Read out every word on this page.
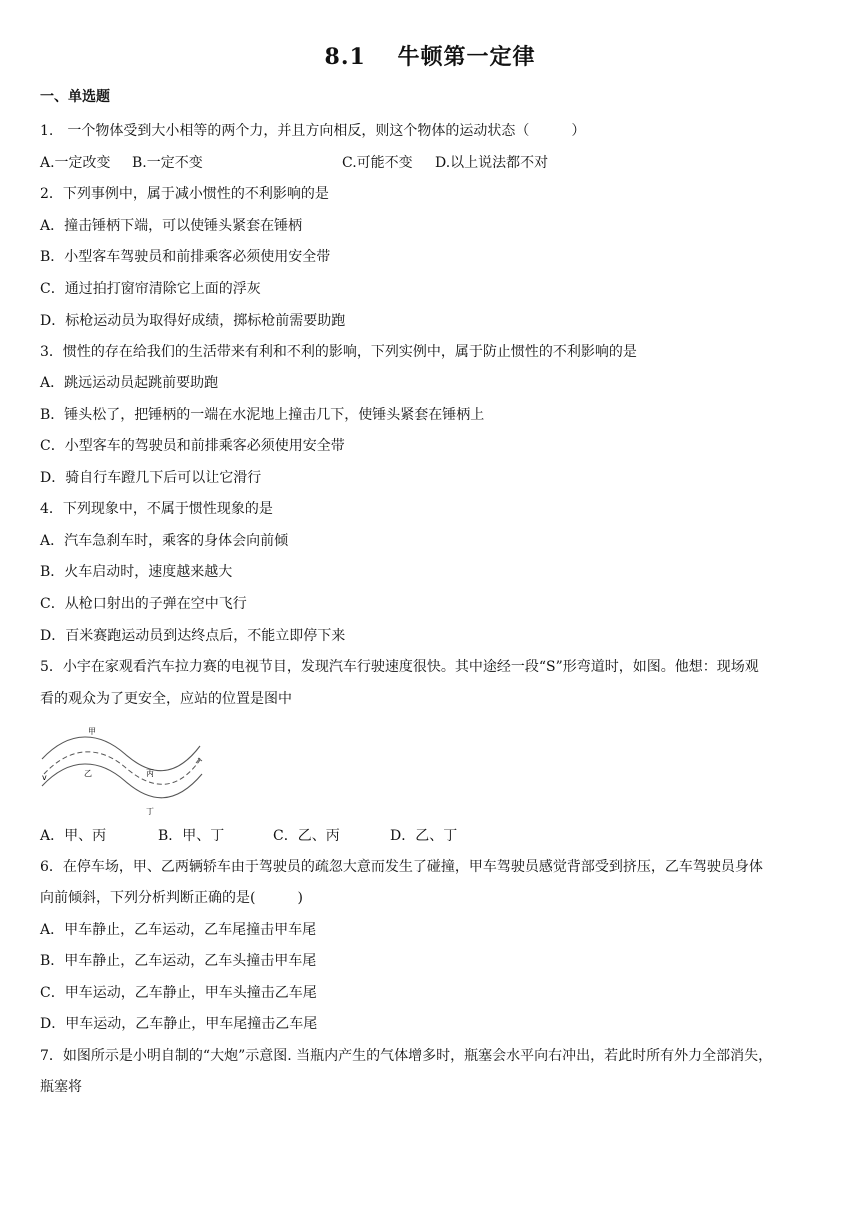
8.1　 牛顿第一定律
一、单选题
1.　一个物体受到大小相等的两个力，并且方向相反，则这个物体的运动状态（　　　）
A.一定改变 B.一定不变	C.可能不变 D.以上说法都不对
2．下列事例中，属于减小惯性的不利影响的是
A．撞击锤柄下端，可以使锤头紧套在锤柄
B．小型客车驾驶员和前排乘客必须使用安全带
C．通过拍打窗帘清除它上面的浮灰
D．标枪运动员为取得好成绩，掷标枪前需要助跑
3．惯性的存在给我们的生活带来有利和不利的影响，下列实例中，属于防止惯性的不利影响的是
A．跳远运动员起跳前要助跑
B．锤头松了，把锤柄的一端在水泥地上撞击几下，使锤头紧套在锤柄上
C．小型客车的驾驶员和前排乘客必须使用安全带
D．骑自行车蹬几下后可以让它滑行
4．下列现象中，不属于惯性现象的是
A．汽车急刹车时，乘客的身体会向前倾
B．火车启动时，速度越来越大
C．从枪口射出的子弹在空中飞行
D．百米赛跑运动员到达终点后，不能立即停下来
5．小宇在家观看汽车拉力赛的电视节目，发现汽车行驶速度很快。其中途经一段“S”形弯道时，如图。他想：现场观
看的观众为了更安全，应站的位置是图中
甲
乙	丙
丁
v
A．甲、丙	B．甲、丁	C．乙、丙	D．乙、丁
6．在停车场，甲、乙两辆轿车由于驾驶员的疏忽大意而发生了碰撞，甲车驾驶员感觉背部受到挤压，乙车驾驶员身体
向前倾斜，下列分析判断正确的是(　　　)
A．甲车静止，乙车运动，乙车尾撞击甲车尾
B．甲车静止，乙车运动，乙车头撞击甲车尾
C．甲车运动，乙车静止，甲车头撞击乙车尾
D．甲车运动，乙车静止，甲车尾撞击乙车尾
7．如图所示是小明自制的“大炮”示意图. 当瓶内产生的气体增多时，瓶塞会水平向右冲出，若此时所有外力全部消失，
瓶塞将
